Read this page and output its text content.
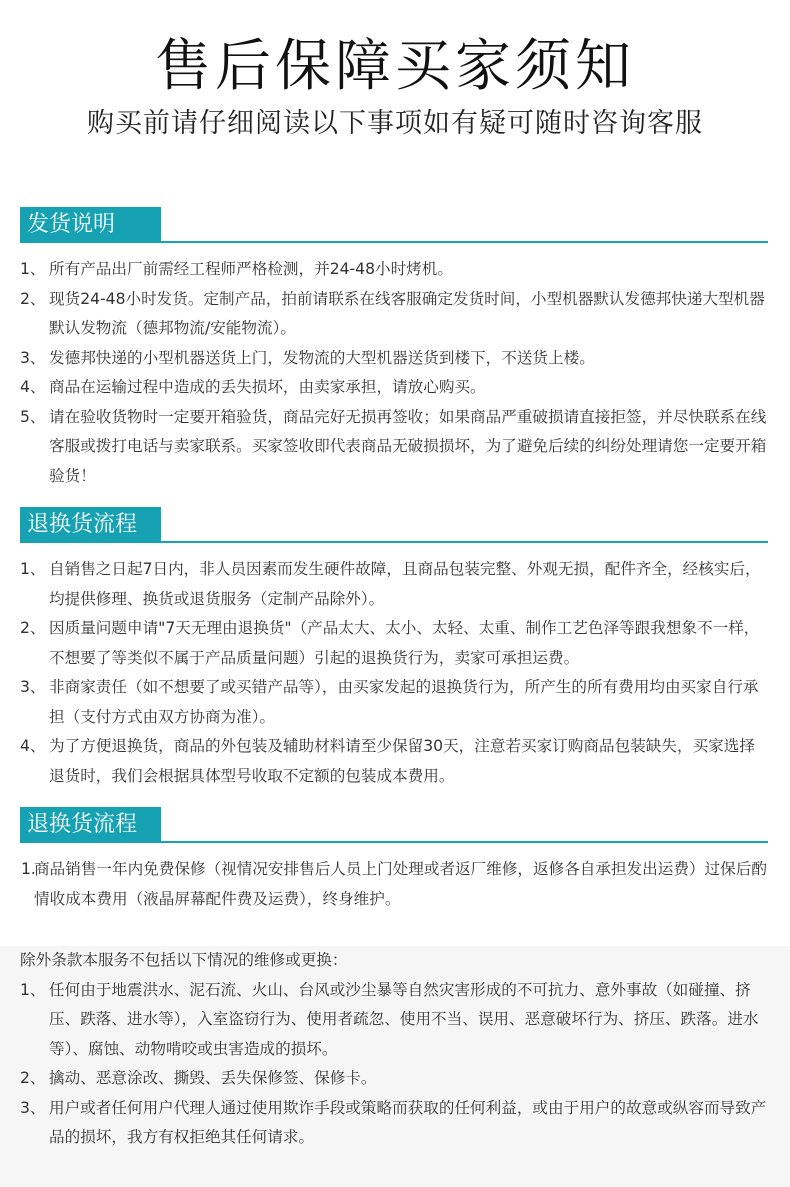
售后保障买家须知
购买前请仔细阅读以下事项如有疑可随时咨询客服
发货说明
1、 所有产品出厂前需经工程师严格检测，并24-48小时烤机。
2、 现货24-48小时发货。定制产品，拍前请联系在线客服确定发货时间，小型机器默认发德邦快递大型机器默认发物流（德邦物流/安能物流）。
3、 发德邦快递的小型机器送货上门，发物流的大型机器送货到楼下，不送货上楼。
4、 商品在运输过程中造成的丢失损坏，由卖家承担，请放心购买。
5、 请在验收货物时一定要开箱验货，商品完好无损再签收；如果商品严重破损请直接拒签，并尽快联系在线客服或拨打电话与卖家联系。买家签收即代表商品无破损损坏，为了避免后续的纠纷处理请您一定要开箱验货！
退换货流程
1、 自销售之日起7日内，非人员因素而发生硬件故障，且商品包装完整、外观无损，配件齐全，经核实后，均提供修理、换货或退货服务（定制产品除外）。
2、 因质量问题申请"7天无理由退换货"（产品太大、太小、太轻、太重、制作工艺色泽等跟我想象不一样，不想要了等类似不属于产品质量问题）引起的退换货行为，卖家可承担运费。
3、 非商家责任（如不想要了或买错产品等），由买家发起的退换货行为，所产生的所有费用均由买家自行承担（支付方式由双方协商为准）。
4、 为了方便退换货，商品的外包装及辅助材料请至少保留30天，注意若买家订购商品包装缺失，买家选择退货时，我们会根据具体型号收取不定额的包装成本费用。
退换货流程
1.
商品销售一年内免费保修（视情况安排售后人员上门处理或者返厂维修，返修各自承担发出运费）过保后酌情收成本费用（液晶屏幕配件费及运费），终身维护。
除外条款本服务不包括以下情况的维修或更换：
1、 任何由于地震洪水、泥石流、火山、台风或沙尘暴等自然灾害形成的不可抗力、意外事故（如碰撞、挤压、跌落、进水等），入室盗窃行为、使用者疏忽、使用不当、误用、恶意破坏行为、挤压、跌落。进水等）、腐蚀、动物啃咬或虫害造成的损坏。
2、 擒动、恶意涂改、撕毁、丢失保修签、保修卡。
3、 用户或者任何用户代理人通过使用欺诈手段或策略而获取的任何利益，或由于用户的故意或纵容而导致产品的损坏，我方有权拒绝其任何请求。
